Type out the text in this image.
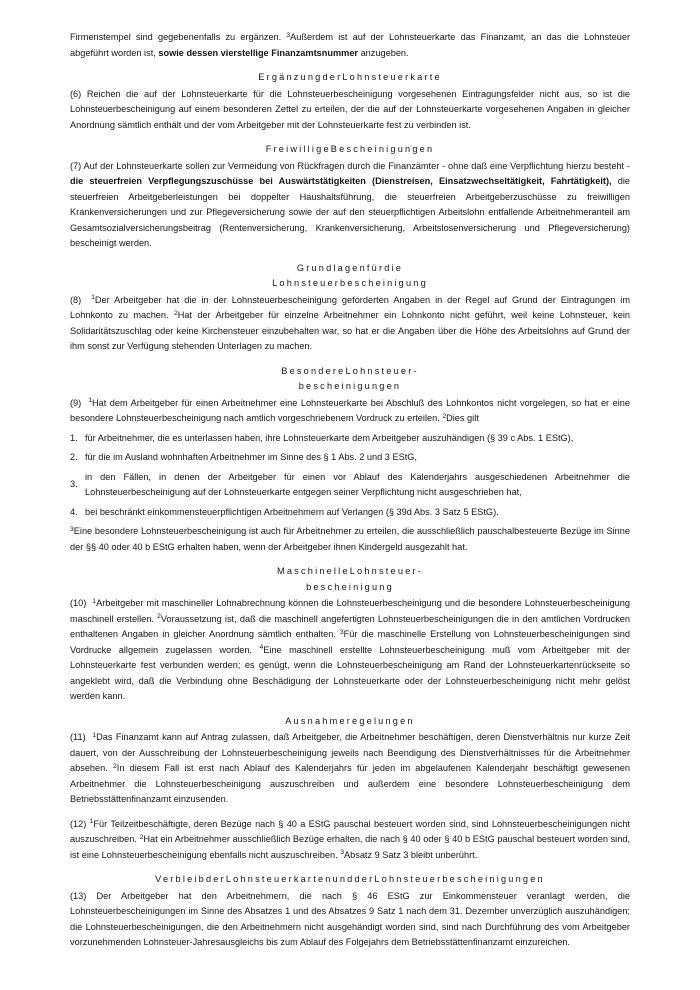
Firmenstempel sind gegebenenfalls zu ergänzen. $^3$Außerdem ist auf der Lohnsteuerkarte das Finanzamt, an das die Lohnsteuer abgeführt worden ist, sowie dessen vierstellige Finanzamtsnummer anzugeben.
ErgänzungderLohnsteuerkarte
(6) Reichen die auf der Lohnsteuerkarte für die Lohnsteuerbescheinigung vorgesehenen Eintragungsfelder nicht aus, so ist die Lohnsteuerbescheinigung auf einem besonderen Zettel zu erteilen, der die auf der Lohnsteuerkarte vorgesehenen Angaben in gleicher Anordnung sämtlich enthält und der vom Arbeitgeber mit der Lohnsteuerkarte fest zu verbinden ist.
FreiwilligeBescheinigungen
(7) Auf der Lohnsteuerkarte sollen zur Vermeidung von Rückfragen durch die Finanzämter - ohne daß eine Verpflichtung hierzu besteht - die steuerfreien Verpflegungszuschüsse bei Auswärtstätigkeiten (Dienstreisen, Einsatzwechseltätigkeit, Fahrtätigkeit), die steuerfreien Arbeitgeberleistungen bei doppelter Haushaltsführung, die steuerfreien Arbeitgeberzuschüsse zu freiwilligen Krankenversicherungen und zur Pflegeversicherung sowie der auf den steuerpflichtigen Arbeitslohn entfallende Arbeitnehmeranteil am Gesamtsozialversicherungsbeitrag (Rentenversicherung, Krankenversicherung, Arbeitslosenversicherung und Pflegeversicherung) bescheinigt werden.
Grundlagenfürdie
Lohnsteuerbescheinigung
(8)  $^1$Der Arbeitgeber hat die in der Lohnsteuerbescheinigung geforderten Angaben in der Regel auf Grund der Eintragungen im Lohnkonto zu machen. $^2$Hat der Arbeitgeber für einzelne Arbeitnehmer ein Lohnkonto nicht geführt, weil keine Lohnsteuer, kein Solidaritätszuschlag oder keine Kirchensteuer einzubehalten war, so hat er die Angaben über die Höhe des Arbeitslohns auf Grund der ihm sonst zur Verfügung stehenden Unterlagen zu machen.
BesondereLohnsteuer-
bescheinigungen
(9)  $^1$Hat dem Arbeitgeber für einen Arbeitnehmer eine Lohnsteuerkarte bei Abschluß des Lohnkontos nicht vorgelegen, so hat er eine besondere Lohnsteuerbescheinigung nach amtlich vorgeschriebenem Vordruck zu erteilen. $^2$Dies gilt
1. für Arbeitnehmer, die es unterlassen haben, ihre Lohnsteuerkarte dem Arbeitgeber auszuhändigen (§ 39 c Abs. 1 EStG),
2. für die im Ausland wohnhaften Arbeitnehmer im Sinne des § 1 Abs. 2 und 3 EStG,
3.
in den Fällen, in denen der Arbeitgeber für einen vor Ablauf des Kalenderjahrs ausgeschiedenen Arbeitnehmer die Lohnsteuerbescheinigung auf der Lohnsteuerkarte entgegen seiner Verpflichtung nicht ausgeschrieben hat,
4. bei beschränkt einkommensteuerpflichtigen Arbeitnehmern auf Verlangen (§ 39d Abs. 3 Satz 5 EStG).
$^3$Eine besondere Lohnsteuerbescheinigung ist auch für Arbeitnehmer zu erteilen, die ausschließlich pauschalbesteuerte Bezüge im Sinne der §§ 40 oder 40 b EStG erhalten haben, wenn der Arbeitgeber ihnen Kindergeld ausgezahlt hat.
MaschinelleLohnsteuer-
bescheinigung
(10)  $^1$Arbeitgeber mit maschineller Lohnabrechnung können die Lohnsteuerbescheinigung und die besondere Lohnsteuerbescheinigung maschinell erstellen. $^2$Voraussetzung ist, daß die maschinell angefertigten Lohnsteuerbescheinigungen die in den amtlichen Vordrucken enthaltenen Angaben in gleicher Anordnung sämtlich enthalten. $^3$Für die maschinelle Erstellung von Lohnsteuerbescheinigungen sind Vordrucke allgemein zugelassen worden. $^4$Eine maschinell erstellte Lohnsteuerbescheinigung muß vom Arbeitgeber mit der Lohnsteuerkarte fest verbunden werden; es genügt, wenn die Lohnsteuerbescheinigung am Rand der Lohnsteuerkartenrückseite so angeklebt wird, daß die Verbindung ohne Beschädigung der Lohnsteuerkarte oder der Lohnsteuerbescheinigung nicht mehr gelöst werden kann.
Ausnahmeregelungen
(11)  $^1$Das Finanzamt kann auf Antrag zulassen, daß Arbeitgeber, die Arbeitnehmer beschäftigen, deren Dienstverhältnis nur kurze Zeit dauert, von der Ausschreibung der Lohnsteuerbescheinigung jeweils nach Beendigung des Dienstverhältnisses für die Arbeitnehmer absehen. $^2$In diesem Fall ist erst nach Ablauf des Kalenderjahrs für jeden im abgelaufenen Kalenderjahr beschäftigt gewesenen Arbeitnehmer die Lohnsteuerbescheinigung auszuschreiben und außerdem eine besondere Lohnsteuerbescheinigung dem Betriebsstättenfinanzamt einzusenden.
(12) $^1$Für Teilzeitbeschäftigte, deren Bezüge nach § 40 a EStG pauschal besteuert worden sind, sind Lohnsteuerbescheinigungen nicht auszuschreiben. $^2$Hat ein Arbeitnehmer ausschließlich Bezüge erhalten, die nach § 40 oder § 40 b EStG pauschal besteuert worden sind, ist eine Lohnsteuerbescheinigung ebenfalls nicht auszuschreiben. $^3$Absatz 9 Satz 3 bleibt unberührt.
VerbleibderLohnsteuerkartenundderLohnsteuerbescheinigungen
(13) Der Arbeitgeber hat den Arbeitnehmern, die nach § 46 EStG zur Einkommensteuer veranlagt werden, die Lohnsteuerbescheinigungen im Sinne des Absatzes 1 und des Absatzes 9 Satz 1 nach dem 31. Dezember unverzüglich auszuhändigen; die Lohnsteuerbescheinigungen, die den Arbeitnehmern nicht ausgehändigt worden sind, sind nach Durchführung des vom Arbeitgeber vorzunehmenden Lohnsteuer-Jahresausgleichs bis zum Ablauf des Folgejahrs dem Betriebsstättenfinanzamt einzureichen.
